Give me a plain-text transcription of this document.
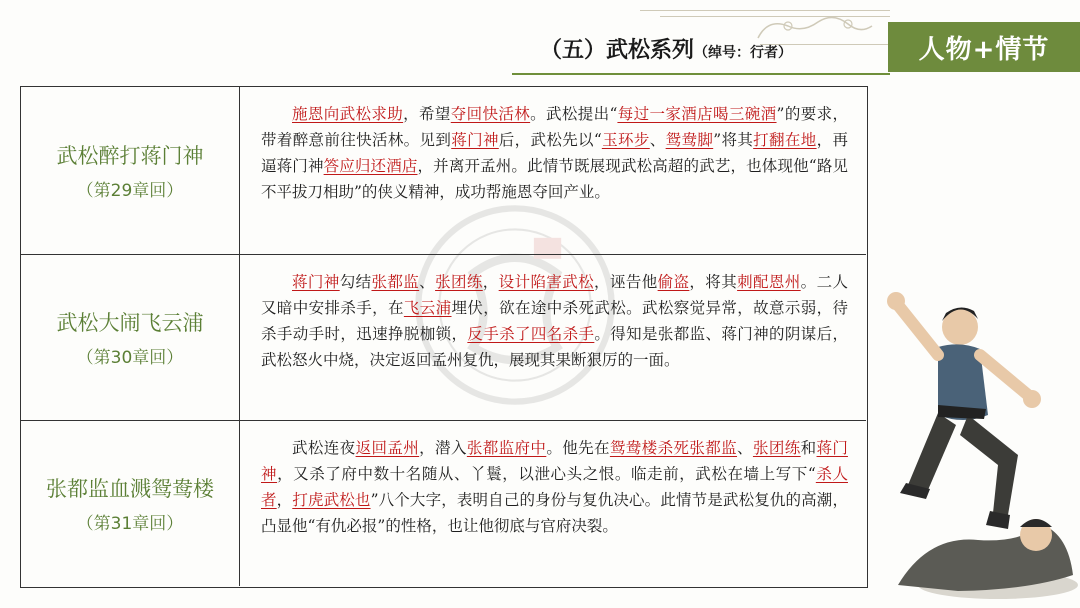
（五）武松系列（绰号：行者）	人物+情节
武松醉打蒋门神
（第29章回）
施恩向武松求助，希望夺回快活林。武松提出“每过一家酒店喝三碗酒”的要求，带着醉意前往快活林。见到蒋门神后，武松先以“玉环步、鸳鸯脚”将其打翻在地，再逼蒋门神答应归还酒店，并离开孟州。此情节既展现武松高超的武艺，也体现他“路见不平拔刀相助”的侠义精神，成功帮施恩夺回产业。
武松大闹飞云浦
（第30章回）
蒋门神勾结张都监、张团练，设计陷害武松，诬告他偷盗，将其刺配恩州。二人又暗中安排杀手，在飞云浦埋伏，欲在途中杀死武松。武松察觉异常，故意示弱，待杀手动手时，迅速挣脱枷锁，反手杀了四名杀手。得知是张都监、蒋门神的阴谋后，武松怒火中烧，决定返回孟州复仇，展现其果断狠厉的一面。
张都监血溅鸳鸯楼
（第31章回）
武松连夜返回孟州，潜入张都监府中。他先在鸳鸯楼杀死张都监、张团练和蒋门神，又杀了府中数十名随从、丫鬟，以泄心头之恨。临走前，武松在墙上写下“杀人者，打虎武松也”八个大字，表明自己的身份与复仇决心。此情节是武松复仇的高潮，凸显他“有仇必报”的性格，也让他彻底与官府决裂。
